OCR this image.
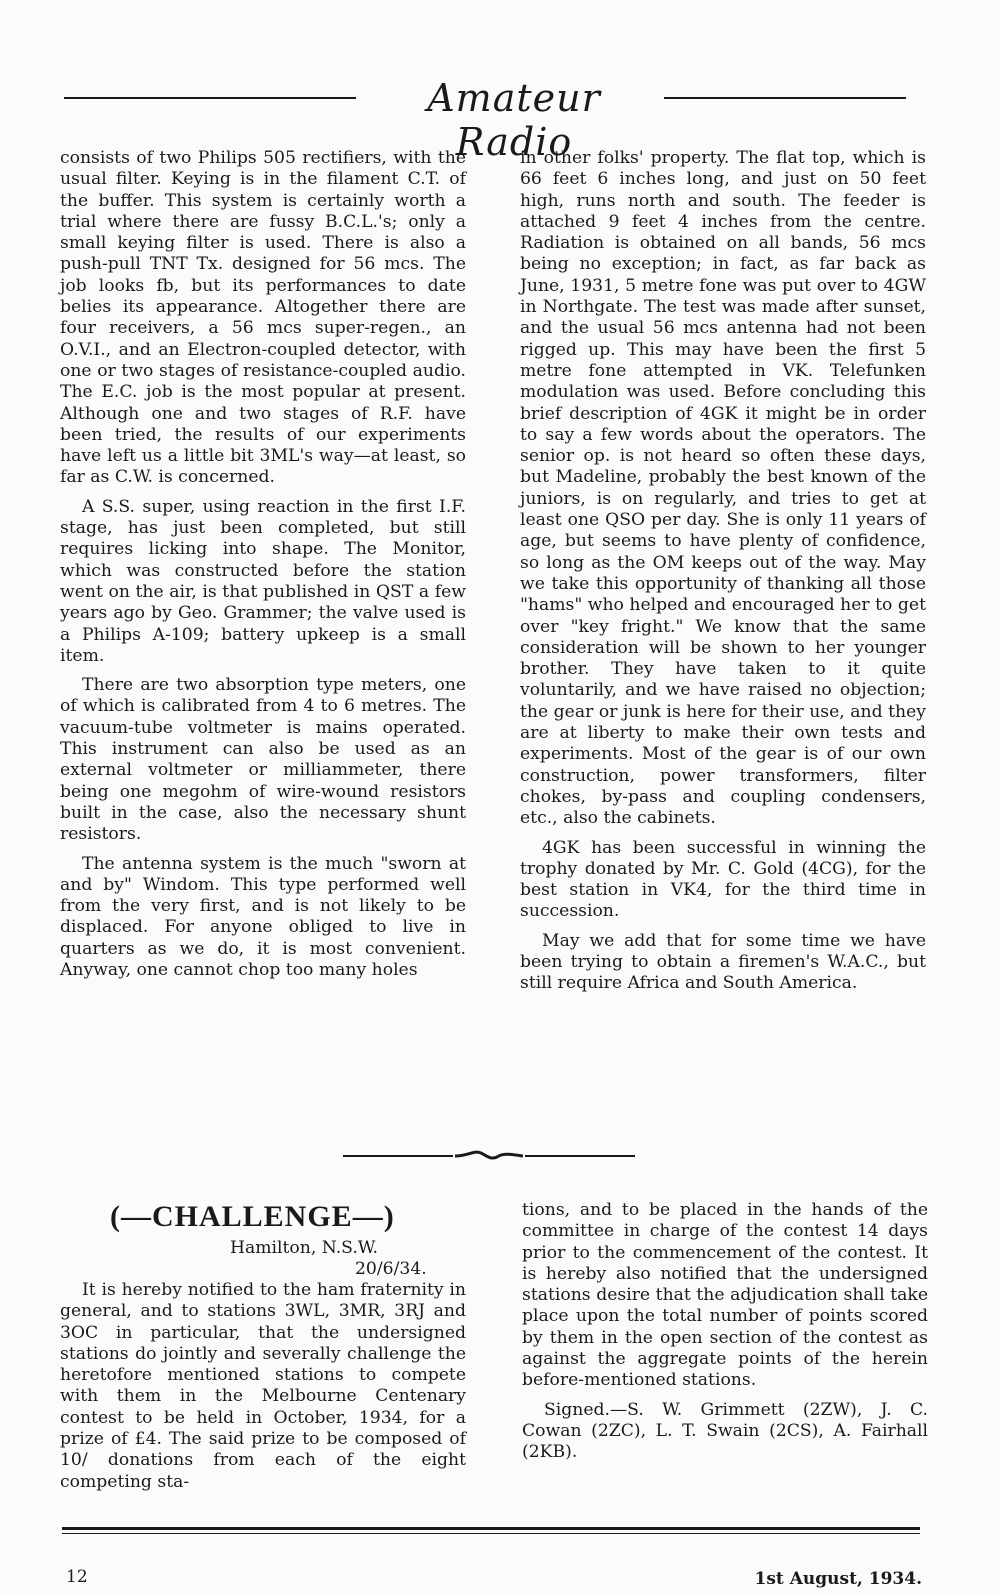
Amateur Radio

consists of two Philips 505 rectifiers, with the usual filter. Keying is in the filament C.T. of the buffer. This system is certainly worth a trial where there are fussy B.C.L.'s; only a small keying filter is used. There is also a push-pull TNT Tx. designed for 56 mcs. The job looks fb, but its performances to date belies its appearance. Altogether there are four receivers, a 56 mcs super-regen., an O.V.I., and an Electron-coupled detector, with one or two stages of resistance-coupled audio. The E.C. job is the most popular at present. Although one and two stages of R.F. have been tried, the results of our experiments have left us a little bit 3ML's way—at least, so far as C.W. is concerned.

A S.S. super, using reaction in the first I.F. stage, has just been completed, but still requires licking into shape. The Monitor, which was constructed before the station went on the air, is that published in QST a few years ago by Geo. Grammer; the valve used is a Philips A-109; battery upkeep is a small item.

There are two absorption type meters, one of which is calibrated from 4 to 6 metres. The vacuum-tube voltmeter is mains operated. This instrument can also be used as an external voltmeter or milliammeter, there being one megohm of wire-wound resistors built in the case, also the necessary shunt resistors.

The antenna system is the much "sworn at and by" Windom. This type performed well from the very first, and is not likely to be displaced. For anyone obliged to live in quarters as we do, it is most convenient. Anyway, one cannot chop too many holes

in other folks' property. The flat top, which is 66 feet 6 inches long, and just on 50 feet high, runs north and south. The feeder is attached 9 feet 4 inches from the centre. Radiation is obtained on all bands, 56 mcs being no exception; in fact, as far back as June, 1931, 5 metre fone was put over to 4GW in Northgate. The test was made after sunset, and the usual 56 mcs antenna had not been rigged up. This may have been the first 5 metre fone attempted in VK. Telefunken modulation was used. Before concluding this brief description of 4GK it might be in order to say a few words about the operators. The senior op. is not heard so often these days, but Madeline, probably the best known of the juniors, is on regularly, and tries to get at least one QSO per day. She is only 11 years of age, but seems to have plenty of confidence, so long as the OM keeps out of the way. May we take this opportunity of thanking all those "hams" who helped and encouraged her to get over "key fright." We know that the same consideration will be shown to her younger brother. They have taken to it quite voluntarily, and we have raised no objection; the gear or junk is here for their use, and they are at liberty to make their own tests and experiments. Most of the gear is of our own construction, power transformers, filter chokes, by-pass and coupling condensers, etc., also the cabinets.

4GK has been successful in winning the trophy donated by Mr. C. Gold (4CG), for the best station in VK4, for the third time in succession.

May we add that for some time we have been trying to obtain a firemen's W.A.C., but still require Africa and South America.

(—CHALLENGE—)
Hamilton, N.S.W.
20/6/34.

It is hereby notified to the ham fraternity in general, and to stations 3WL, 3MR, 3RJ and 3OC in particular, that the undersigned stations do jointly and severally challenge the heretofore mentioned stations to compete with them in the Melbourne Centenary contest to be held in October, 1934, for a prize of £4. The said prize to be composed of 10/ donations from each of the eight competing sta-

tions, and to be placed in the hands of the committee in charge of the contest 14 days prior to the commencement of the contest. It is hereby also notified that the undersigned stations desire that the adjudication shall take place upon the total number of points scored by them in the open section of the contest as against the aggregate points of the herein before-mentioned stations.

Signed.—S. W. Grimmett (2ZW), J. C. Cowan (2ZC), L. T. Swain (2CS), A. Fairhall (2KB).

12	1st August, 1934.
